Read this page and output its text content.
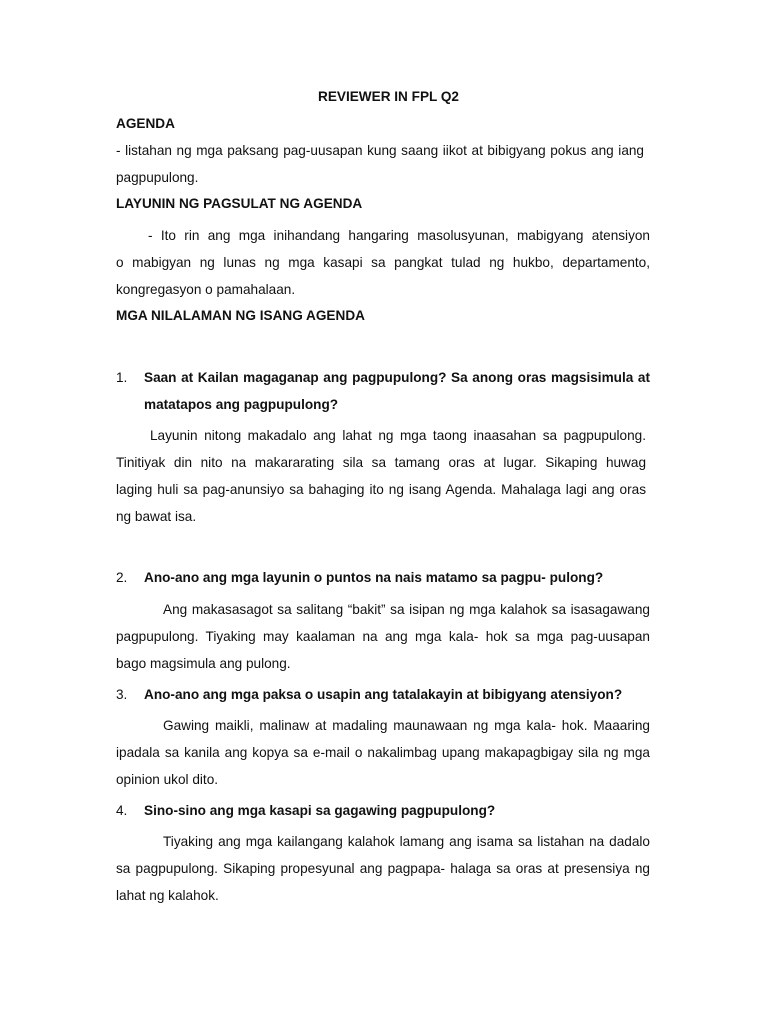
REVIEWER IN FPL Q2
AGENDA
- listahan ng mga paksang pag-uusapan kung saang iikot at bibigyang pokus ang iang
pagpupulong.
LAYUNIN NG PAGSULAT NG AGENDA
- Ito rin ang mga inihandang hangaring masolusyunan, mabigyang atensiyon
o mabigyan ng lunas ng mga kasapi sa pangkat tulad ng hukbo, departamento,
kongregasyon o pamahalaan.
MGA NILALAMAN NG ISANG AGENDA
1. Saan at Kailan magaganap ang pagpupulong? Sa anong oras magsisimula at
matatapos ang pagpupulong?
Layunin nitong makadalo ang lahat ng mga taong inaasahan sa pagpupulong.
Tinitiyak din nito na makararating sila sa tamang oras at lugar. Sikaping huwag
laging huli sa pag-anunsiyo sa bahaging ito ng isang Agenda. Mahalaga lagi ang oras
ng bawat isa.
2. Ano-ano ang mga layunin o puntos na nais matamo sa pagpu- pulong?
Ang makasasagot sa salitang “bakit” sa isipan ng mga kalahok sa isasagawang
pagpupulong. Tiyaking may kaalaman na ang mga kala- hok sa mga pag-uusapan
bago magsimula ang pulong.
3. Ano-ano ang mga paksa o usapin ang tatalakayin at bibigyang atensiyon?
Gawing maikli, malinaw at madaling maunawaan ng mga kala- hok. Maaaring
ipadala sa kanila ang kopya sa e-mail o nakalimbag upang makapagbigay sila ng mga
opinion ukol dito.
4. Sino-sino ang mga kasapi sa gagawing pagpupulong?
Tiyaking ang mga kailangang kalahok lamang ang isama sa listahan na dadalo
sa pagpupulong. Sikaping propesyunal ang pagpapa- halaga sa oras at presensiya ng
lahat ng kalahok.
